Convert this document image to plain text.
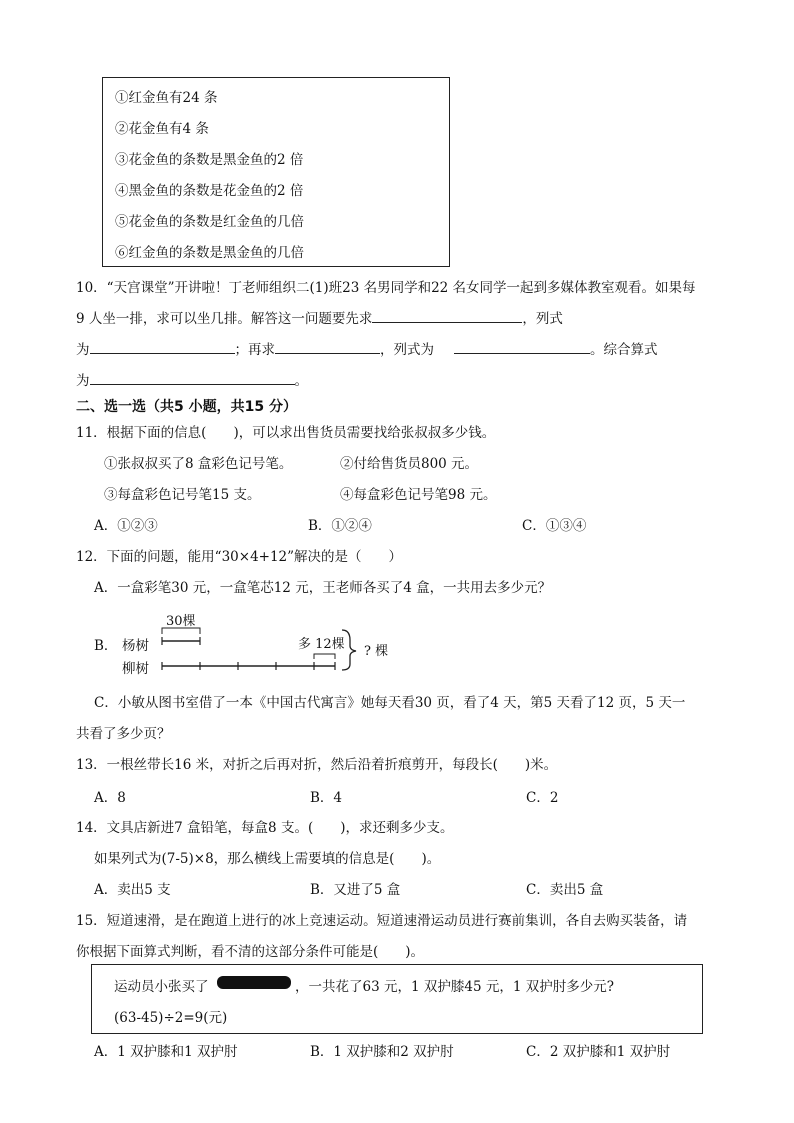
①红金鱼有24 条
②花金鱼有4 条
③花金鱼的条数是黑金鱼的2 倍
④黑金鱼的条数是花金鱼的2 倍
⑤花金鱼的条数是红金鱼的几倍
⑥红金鱼的条数是黑金鱼的几倍
10．“天宫课堂”开讲啦！丁老师组织二(1)班23 名男同学和22 名女同学一起到多媒体教室观看。如果每
9 人坐一排，求可以坐几排。解答这一问题要先求	，列式
为	；再求	，列式为	。综合算式
为	。
二、选一选（共5 小题，共15 分）
11．根据下面的信息(　　)，可以求出售货员需要找给张叔叔多少钱。
①张叔叔买了8 盒彩色记号笔。	②付给售货员800 元。
③每盒彩色记号笔15 支。	④每盒彩色记号笔98 元。
A．①②③	B．①②④	C．①③④
12．下面的问题，能用“30×4+12”解决的是（　　）
A．一盒彩笔30 元，一盒笔芯12 元，王老师各买了4 盒，一共用去多少元？
B．
30棵
杨树
柳树
多 12棵 ? 棵
C．小敏从图书室借了一本《中国古代寓言》她每天看30 页，看了4 天，第5 天看了12 页，5 天一
共看了多少页？
13．一根丝带长16 米，对折之后再对折，然后沿着折痕剪开，每段长(　　)米。
A．8	B．4	C．2
14．文具店新进7 盒铅笔，每盒8 支。(　　)，求还剩多少支。
如果列式为(7-5)×8，那么横线上需要填的信息是(　　)。
A．卖出5 支	B．又进了5 盒	C．卖出5 盒
15．短道速滑，是在跑道上进行的冰上竞速运动。短道速滑运动员进行赛前集训，各自去购买装备，请
你根据下面算式判断，看不清的这部分条件可能是(　　)。
运动员小张买了	，一共花了63 元，1 双护膝45 元，1 双护肘多少元?
(63-45)÷2=9(元)
A．1 双护膝和1 双护肘	B．1 双护膝和2 双护肘	C．2 双护膝和1 双护肘
